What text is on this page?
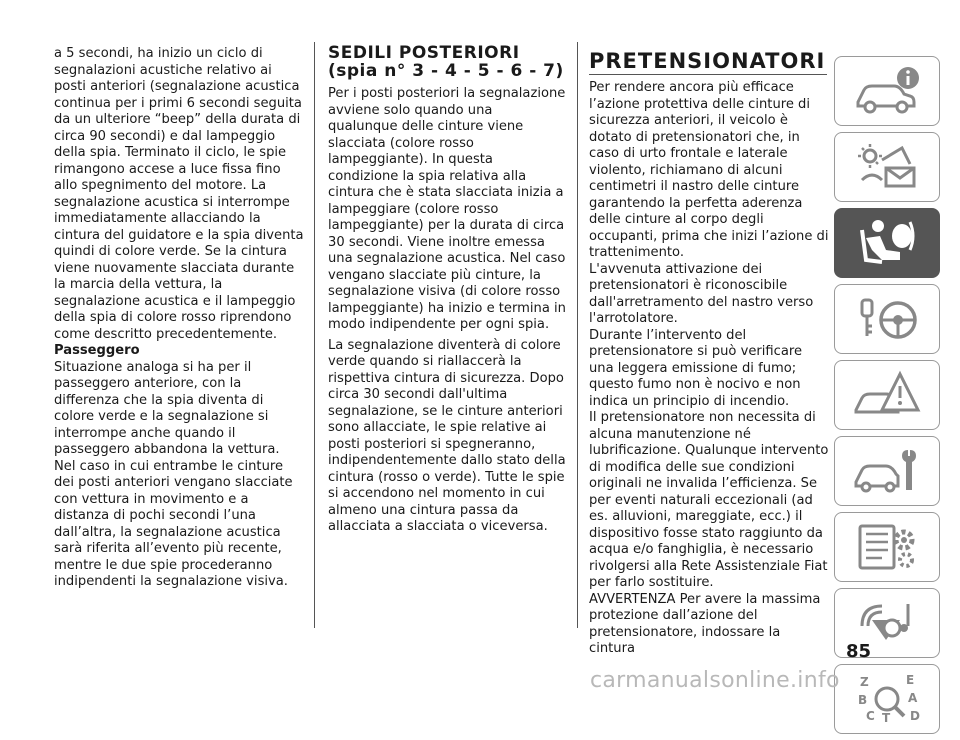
a 5 secondi, ha inizio un ciclo di segnalazioni acustiche relativo ai posti anteriori (segnalazione acustica continua per i primi 6 secondi seguita da un ulteriore “beep” della durata di circa 90 secondi) e dal lampeggio della spia. Terminato il ciclo, le spie rimangono accese a luce fissa fino allo spegnimento del motore. La segnalazione acustica si interrompe immediatamente allacciando la cintura del guidatore e la spia diventa quindi di colore verde. Se la cintura viene nuovamente slacciata durante la marcia della vettura, la segnalazione acustica e il lampeggio della spia di colore rosso riprendono come descritto precedentemente.

Passeggero

Situazione analoga si ha per il passeggero anteriore, con la differenza che la spia diventa di colore verde e la segnalazione si interrompe anche quando il passeggero abbandona la vettura.

Nel caso in cui entrambe le cinture dei posti anteriori vengano slacciate con vettura in movimento e a distanza di pochi secondi l’una dall’altra, la segnalazione acustica sarà riferita all’evento più recente, mentre le due spie procederanno indipendenti la segnalazione visiva.

SEDILI POSTERIORI
(spia n° 3 - 4 - 5 - 6 - 7)

Per i posti posteriori la segnalazione avviene solo quando una qualunque delle cinture viene slacciata (colore rosso lampeggiante). In questa condizione la spia relativa alla cintura che è stata slacciata inizia a lampeggiare (colore rosso lampeggiante) per la durata di circa 30 secondi. Viene inoltre emessa una segnalazione acustica. Nel caso vengano slacciate più cinture, la segnalazione visiva (di colore rosso lampeggiante) ha inizio e termina in modo indipendente per ogni spia.

La segnalazione diventerà di colore verde quando si riallaccerà la rispettiva cintura di sicurezza. Dopo circa 30 secondi dall'ultima segnalazione, se le cinture anteriori sono allacciate, le spie relative ai posti posteriori si spegneranno, indipendentemente dallo stato della cintura (rosso o verde). Tutte le spie si accendono nel momento in cui almeno una cintura passa da allacciata a slacciata o viceversa.

PRETENSIONATORI

Per rendere ancora più efficace l’azione protettiva delle cinture di sicurezza anteriori, il veicolo è dotato di pretensionatori che, in caso di urto frontale e laterale violento, richiamano di alcuni centimetri il nastro delle cinture garantendo la perfetta aderenza delle cinture al corpo degli occupanti, prima che inizi l’azione di trattenimento.

L'avvenuta attivazione dei pretensionatori è riconoscibile dall'arretramento del nastro verso l'arrotolatore.

Durante l’intervento del pretensionatore si può verificare una leggera emissione di fumo; questo fumo non è nocivo e non indica un principio di incendio.

Il pretensionatore non necessita di alcuna manutenzione né lubrificazione. Qualunque intervento di modifica delle sue condizioni originali ne invalida l’efficienza. Se per eventi naturali eccezionali (ad es. alluvioni, mareggiate, ecc.) il dispositivo fosse stato raggiunto da acqua e/o fanghiglia, è necessario rivolgersi alla Rete Assistenziale Fiat per farlo sostituire.

AVVERTENZA Per avere la massima protezione dall’azione del pretensionatore, indossare la cintura

Z	E
B	A
C T D
85
carmanualsonline.info
